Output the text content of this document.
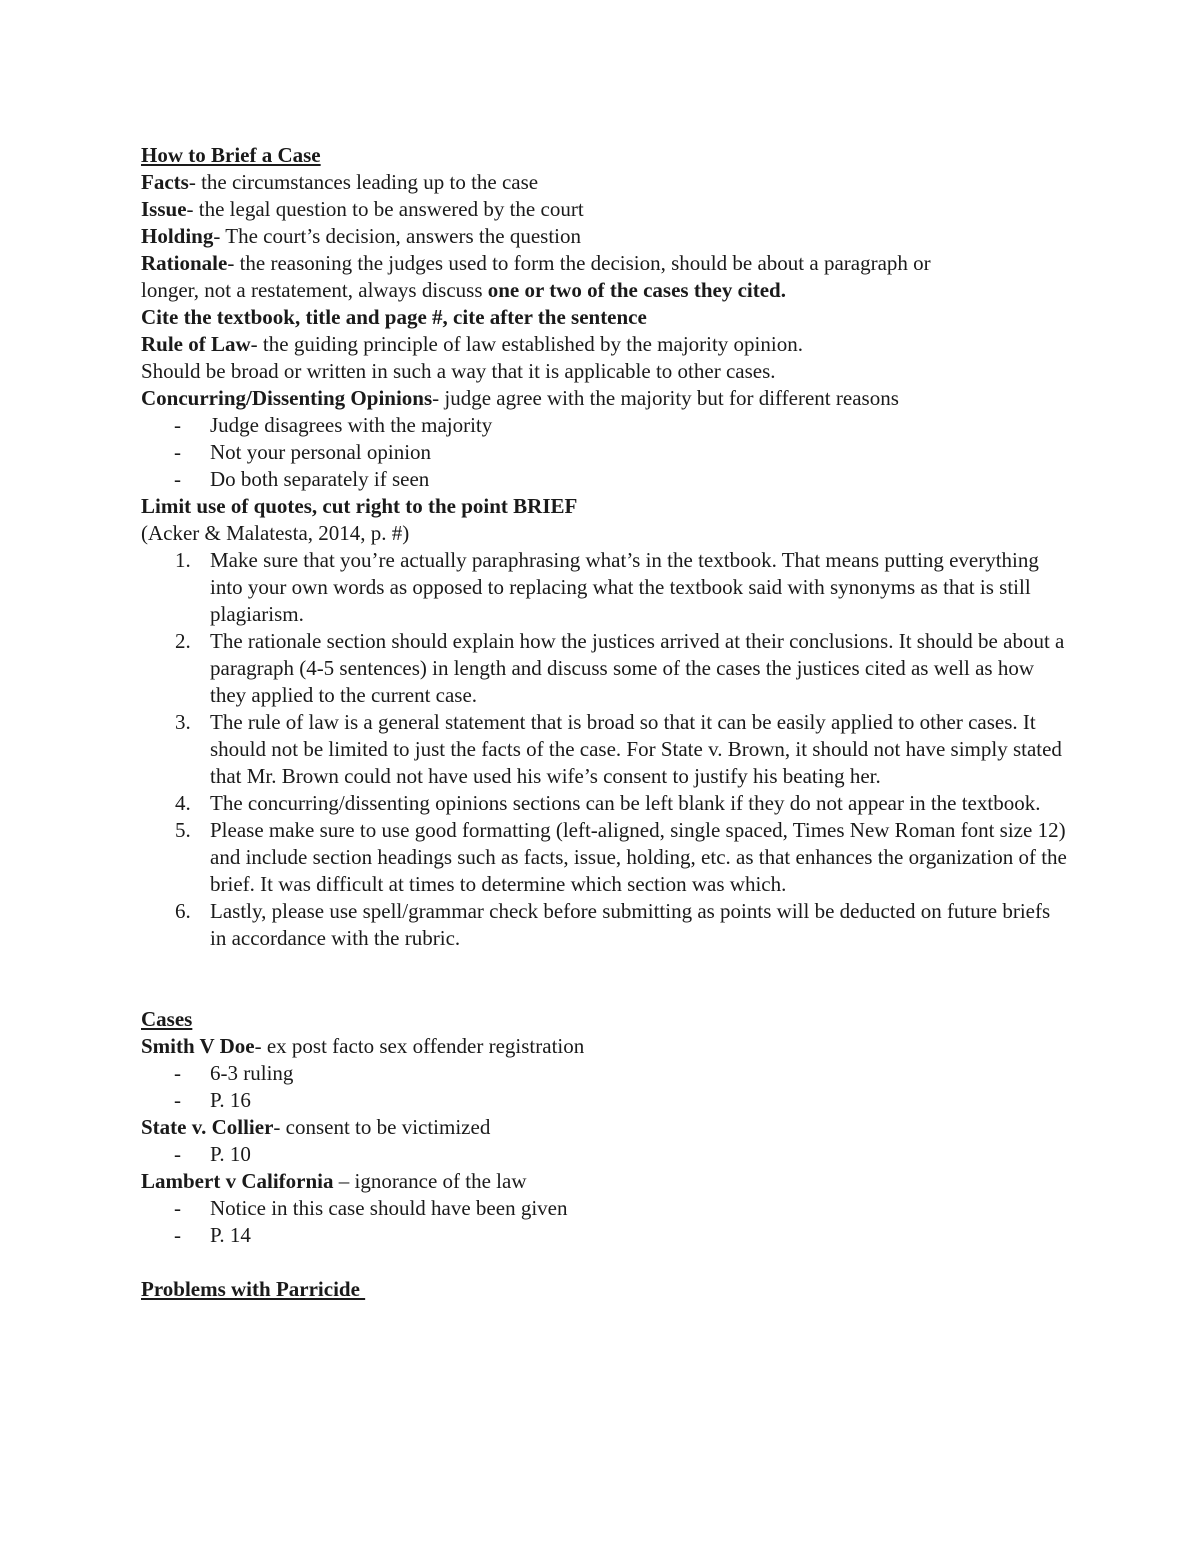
How to Brief a Case
Facts- the circumstances leading up to the case
Issue- the legal question to be answered by the court
Holding- The court’s decision, answers the question
Rationale- the reasoning the judges used to form the decision, should be about a paragraph or
longer, not a restatement, always discuss one or two of the cases they cited.
Cite the textbook, title and page #, cite after the sentence
Rule of Law- the guiding principle of law established by the majority opinion.
Should be broad or written in such a way that it is applicable to other cases.
Concurring/Dissenting Opinions- judge agree with the majority but for different reasons
- Judge disagrees with the majority
- Not your personal opinion
- Do both separately if seen
Limit use of quotes, cut right to the point BRIEF
(Acker & Malatesta, 2014, p. #)
1. Make sure that you’re actually paraphrasing what’s in the textbook. That means putting everything into your own words as opposed to replacing what the textbook said with synonyms as that is still plagiarism.
2. The rationale section should explain how the justices arrived at their conclusions. It should be about a paragraph (4-5 sentences) in length and discuss some of the cases the justices cited as well as how they applied to the current case.
3. The rule of law is a general statement that is broad so that it can be easily applied to other cases. It should not be limited to just the facts of the case. For State v. Brown, it should not have simply stated that Mr. Brown could not have used his wife’s consent to justify his beating her.
4. The concurring/dissenting opinions sections can be left blank if they do not appear in the textbook.
5. Please make sure to use good formatting (left-aligned, single spaced, Times New Roman font size 12) and include section headings such as facts, issue, holding, etc. as that enhances the organization of the brief. It was difficult at times to determine which section was which.
6. Lastly, please use spell/grammar check before submitting as points will be deducted on future briefs in accordance with the rubric.
Cases
Smith V Doe- ex post facto sex offender registration
- 6-3 ruling
- P. 16
State v. Collier- consent to be victimized
- P. 10
Lambert v California – ignorance of the law
- Notice in this case should have been given
- P. 14
Problems with Parricide
